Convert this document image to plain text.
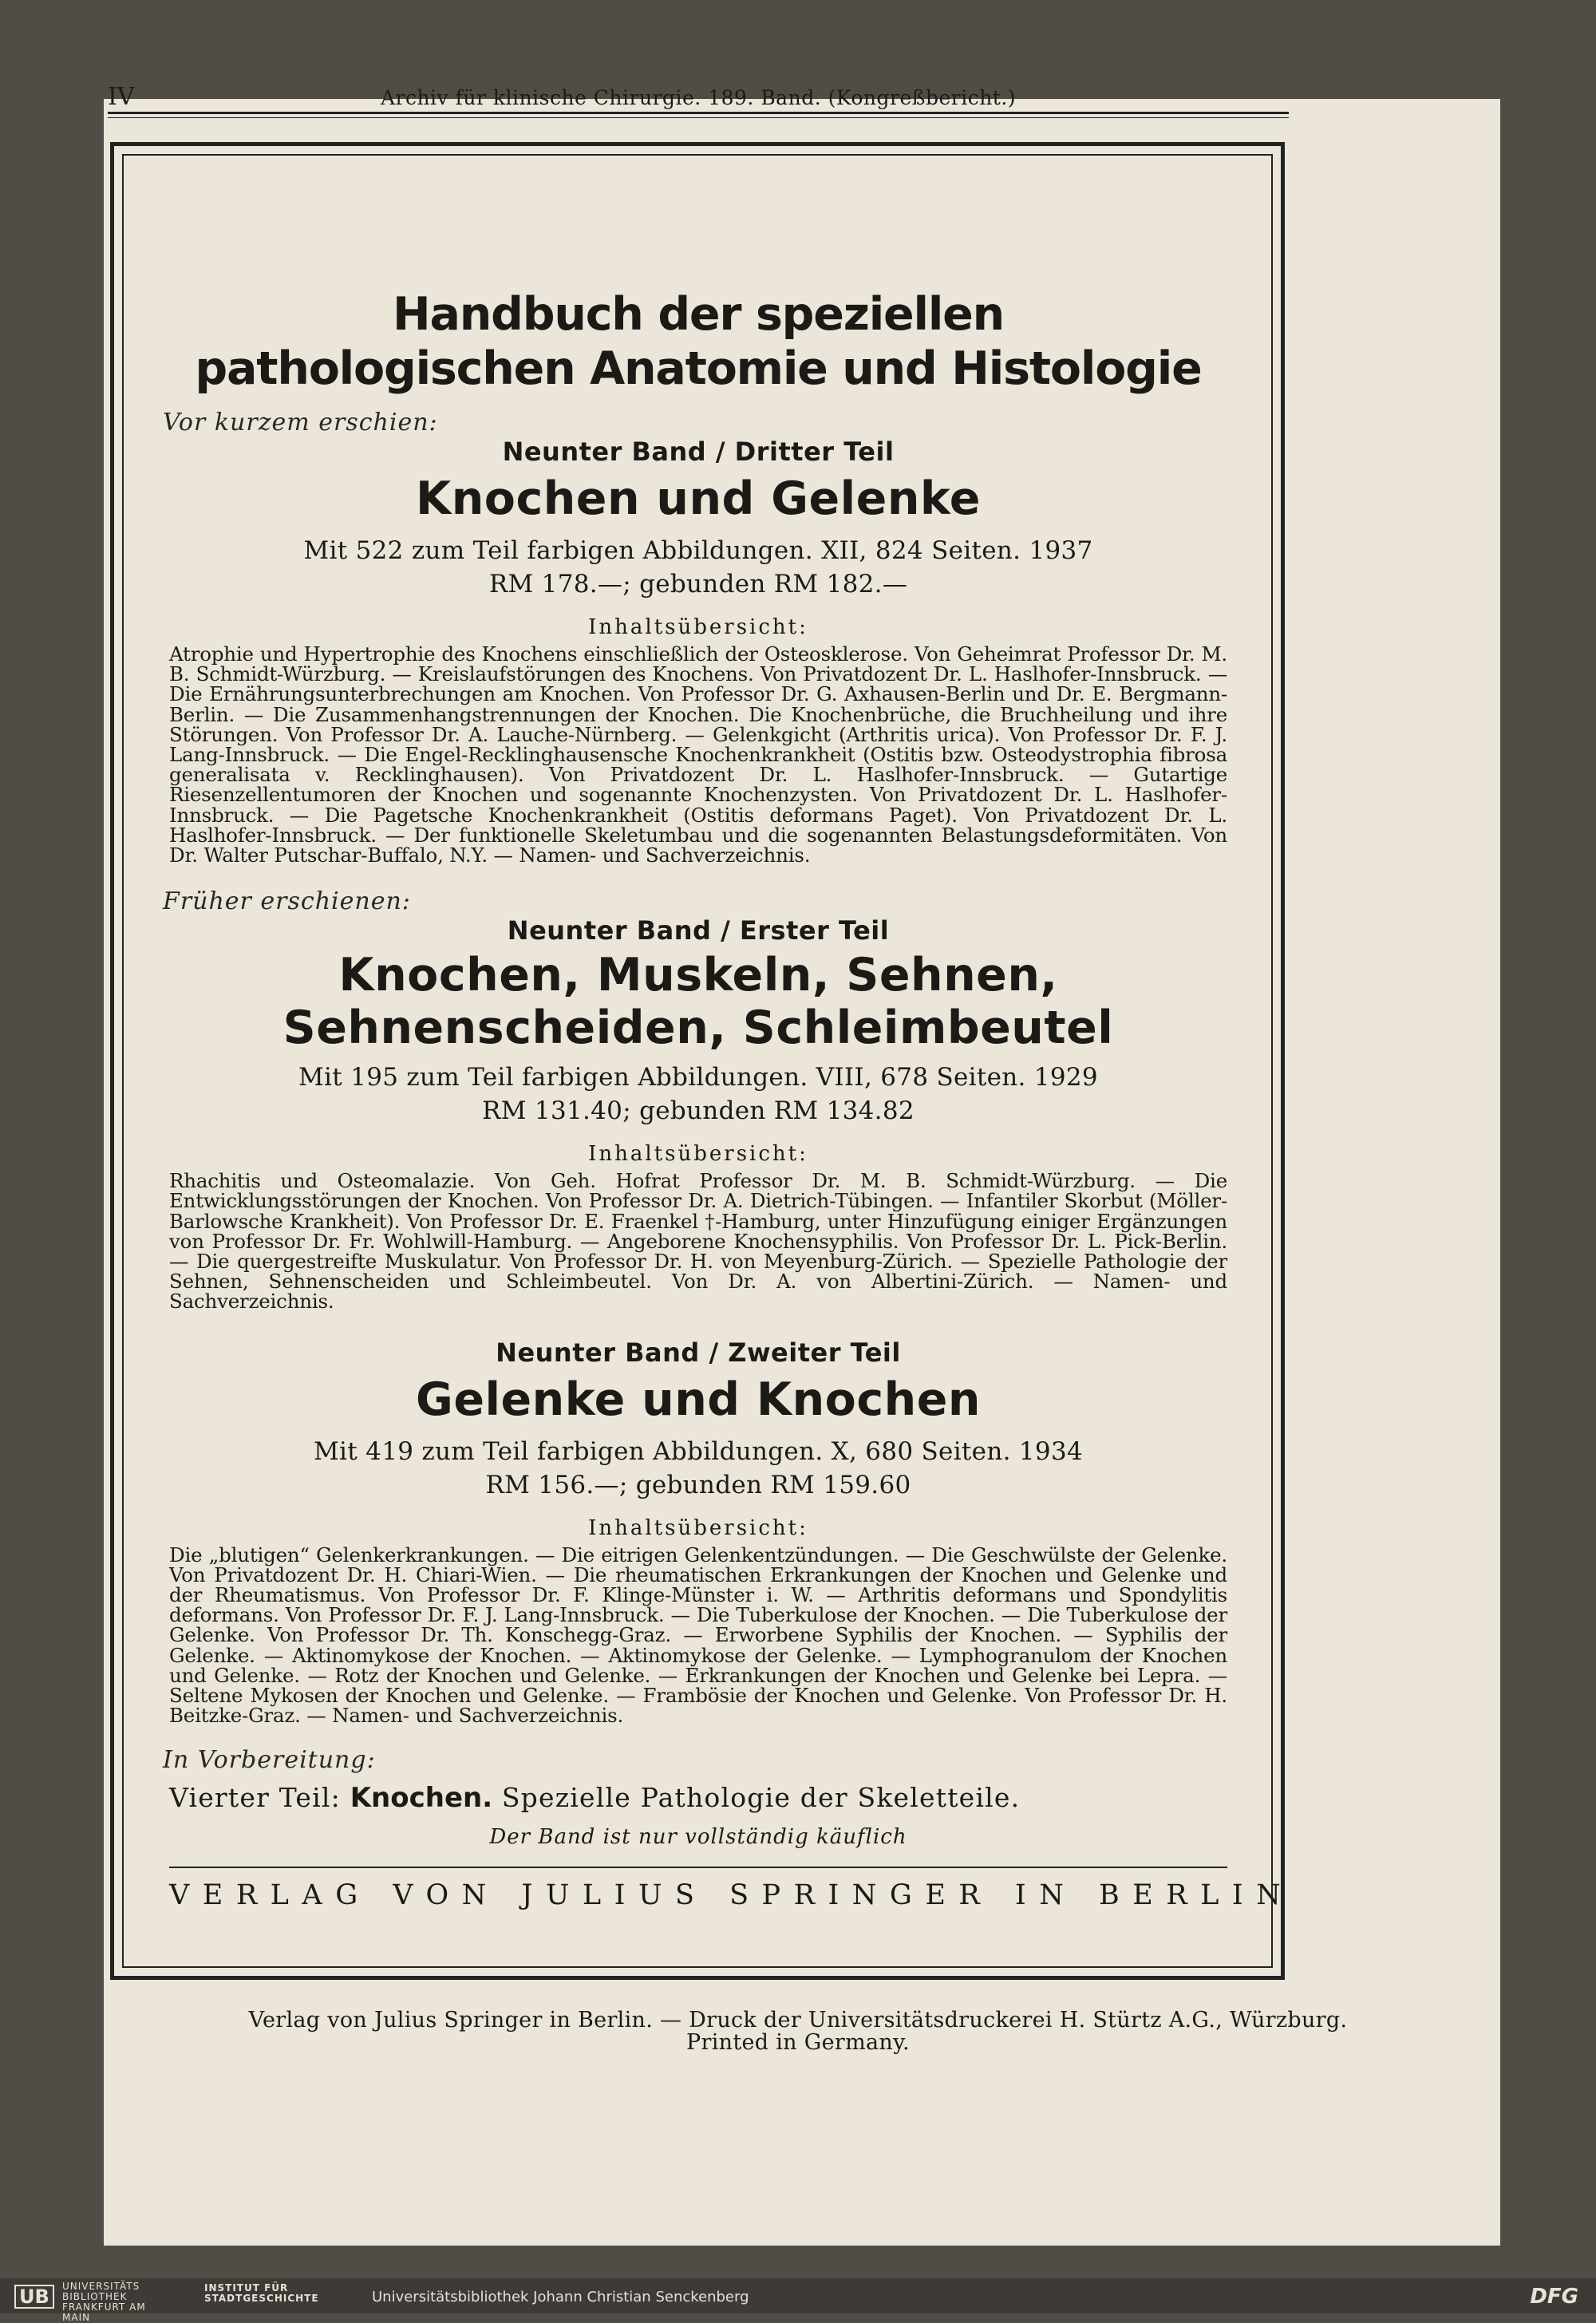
IV	Archiv für klinische Chirurgie. 189. Band. (Kongreßbericht.)
Handbuch der speziellen
pathologischen Anatomie und Histologie
Vor kurzem erschien:
Neunter Band / Dritter Teil
Knochen und Gelenke
Mit 522 zum Teil farbigen Abbildungen. XII, 824 Seiten. 1937
RM 178.—; gebunden RM 182.—
Inhaltsübersicht:
Atrophie und Hypertrophie des Knochens einschließlich der Osteosklerose. Von Geheimrat Professor Dr. M. B. Schmidt-Würzburg. — Kreislaufstörungen des Knochens. Von Privatdozent Dr. L. Haslhofer-Innsbruck. — Die Ernährungsunterbrechungen am Knochen. Von Professor Dr. G. Axhausen-Berlin und Dr. E. Bergmann-Berlin. — Die Zusammenhangstrennungen der Knochen. Die Knochenbrüche, die Bruchheilung und ihre Störungen. Von Professor Dr. A. Lauche-Nürnberg. — Gelenkgicht (Arthritis urica). Von Professor Dr. F. J. Lang-Innsbruck. — Die Engel-Recklinghausensche Knochenkrankheit (Ostitis bzw. Osteodystrophia fibrosa generalisata v. Recklinghausen). Von Privatdozent Dr. L. Haslhofer-Innsbruck. — Gutartige Riesenzellentumoren der Knochen und sogenannte Knochenzysten. Von Privatdozent Dr. L. Haslhofer-Innsbruck. — Die Pagetsche Knochenkrankheit (Ostitis deformans Paget). Von Privatdozent Dr. L. Haslhofer-Innsbruck. — Der funktionelle Skeletumbau und die sogenannten Belastungsdeformitäten. Von Dr. Walter Putschar-Buffalo, N.Y. — Namen- und Sachverzeichnis.
Früher erschienen:
Neunter Band / Erster Teil
Knochen, Muskeln, Sehnen,
Sehnenscheiden, Schleimbeutel
Mit 195 zum Teil farbigen Abbildungen. VIII, 678 Seiten. 1929
RM 131.40; gebunden RM 134.82
Inhaltsübersicht:
Rhachitis und Osteomalazie. Von Geh. Hofrat Professor Dr. M. B. Schmidt-Würzburg. — Die Entwicklungsstörungen der Knochen. Von Professor Dr. A. Dietrich-Tübingen. — Infantiler Skorbut (Möller-Barlowsche Krankheit). Von Professor Dr. E. Fraenkel †-Hamburg, unter Hinzufügung einiger Ergänzungen von Professor Dr. Fr. Wohlwill-Hamburg. — Angeborene Knochensyphilis. Von Professor Dr. L. Pick-Berlin. — Die quergestreifte Muskulatur. Von Professor Dr. H. von Meyenburg-Zürich. — Spezielle Pathologie der Sehnen, Sehnenscheiden und Schleimbeutel. Von Dr. A. von Albertini-Zürich. — Namen- und Sachverzeichnis.
Neunter Band / Zweiter Teil
Gelenke und Knochen
Mit 419 zum Teil farbigen Abbildungen. X, 680 Seiten. 1934
RM 156.—; gebunden RM 159.60
Inhaltsübersicht:
Die „blutigen“ Gelenkerkrankungen. — Die eitrigen Gelenkentzündungen. — Die Geschwülste der Gelenke. Von Privatdozent Dr. H. Chiari-Wien. — Die rheumatischen Erkrankungen der Knochen und Gelenke und der Rheumatismus. Von Professor Dr. F. Klinge-Münster i. W. — Arthritis deformans und Spondylitis deformans. Von Professor Dr. F. J. Lang-Innsbruck. — Die Tuberkulose der Knochen. — Die Tuberkulose der Gelenke. Von Professor Dr. Th. Konschegg-Graz. — Erworbene Syphilis der Knochen. — Syphilis der Gelenke. — Aktinomykose der Knochen. — Aktinomykose der Gelenke. — Lymphogranulom der Knochen und Gelenke. — Rotz der Knochen und Gelenke. — Erkrankungen der Knochen und Gelenke bei Lepra. — Seltene Mykosen der Knochen und Gelenke. — Frambösie der Knochen und Gelenke. Von Professor Dr. H. Beitzke-Graz. — Namen- und Sachverzeichnis.
In Vorbereitung:
Vierter Teil: Knochen. Spezielle Pathologie der Skeletteile.
Der Band ist nur vollständig käuflich
VERLAG VON JULIUS SPRINGER IN BERLIN
Verlag von Julius Springer in Berlin. — Druck der Universitätsdruckerei H. Stürtz A.G., Würzburg.
Printed in Germany.
UB	UNIVERSITÄTS BIBLIOTHEK FRANKFURT AM MAIN
INSTITUT FÜR STADTGESCHICHTE	Universitätsbibliothek Johann Christian Senckenberg	DFG
